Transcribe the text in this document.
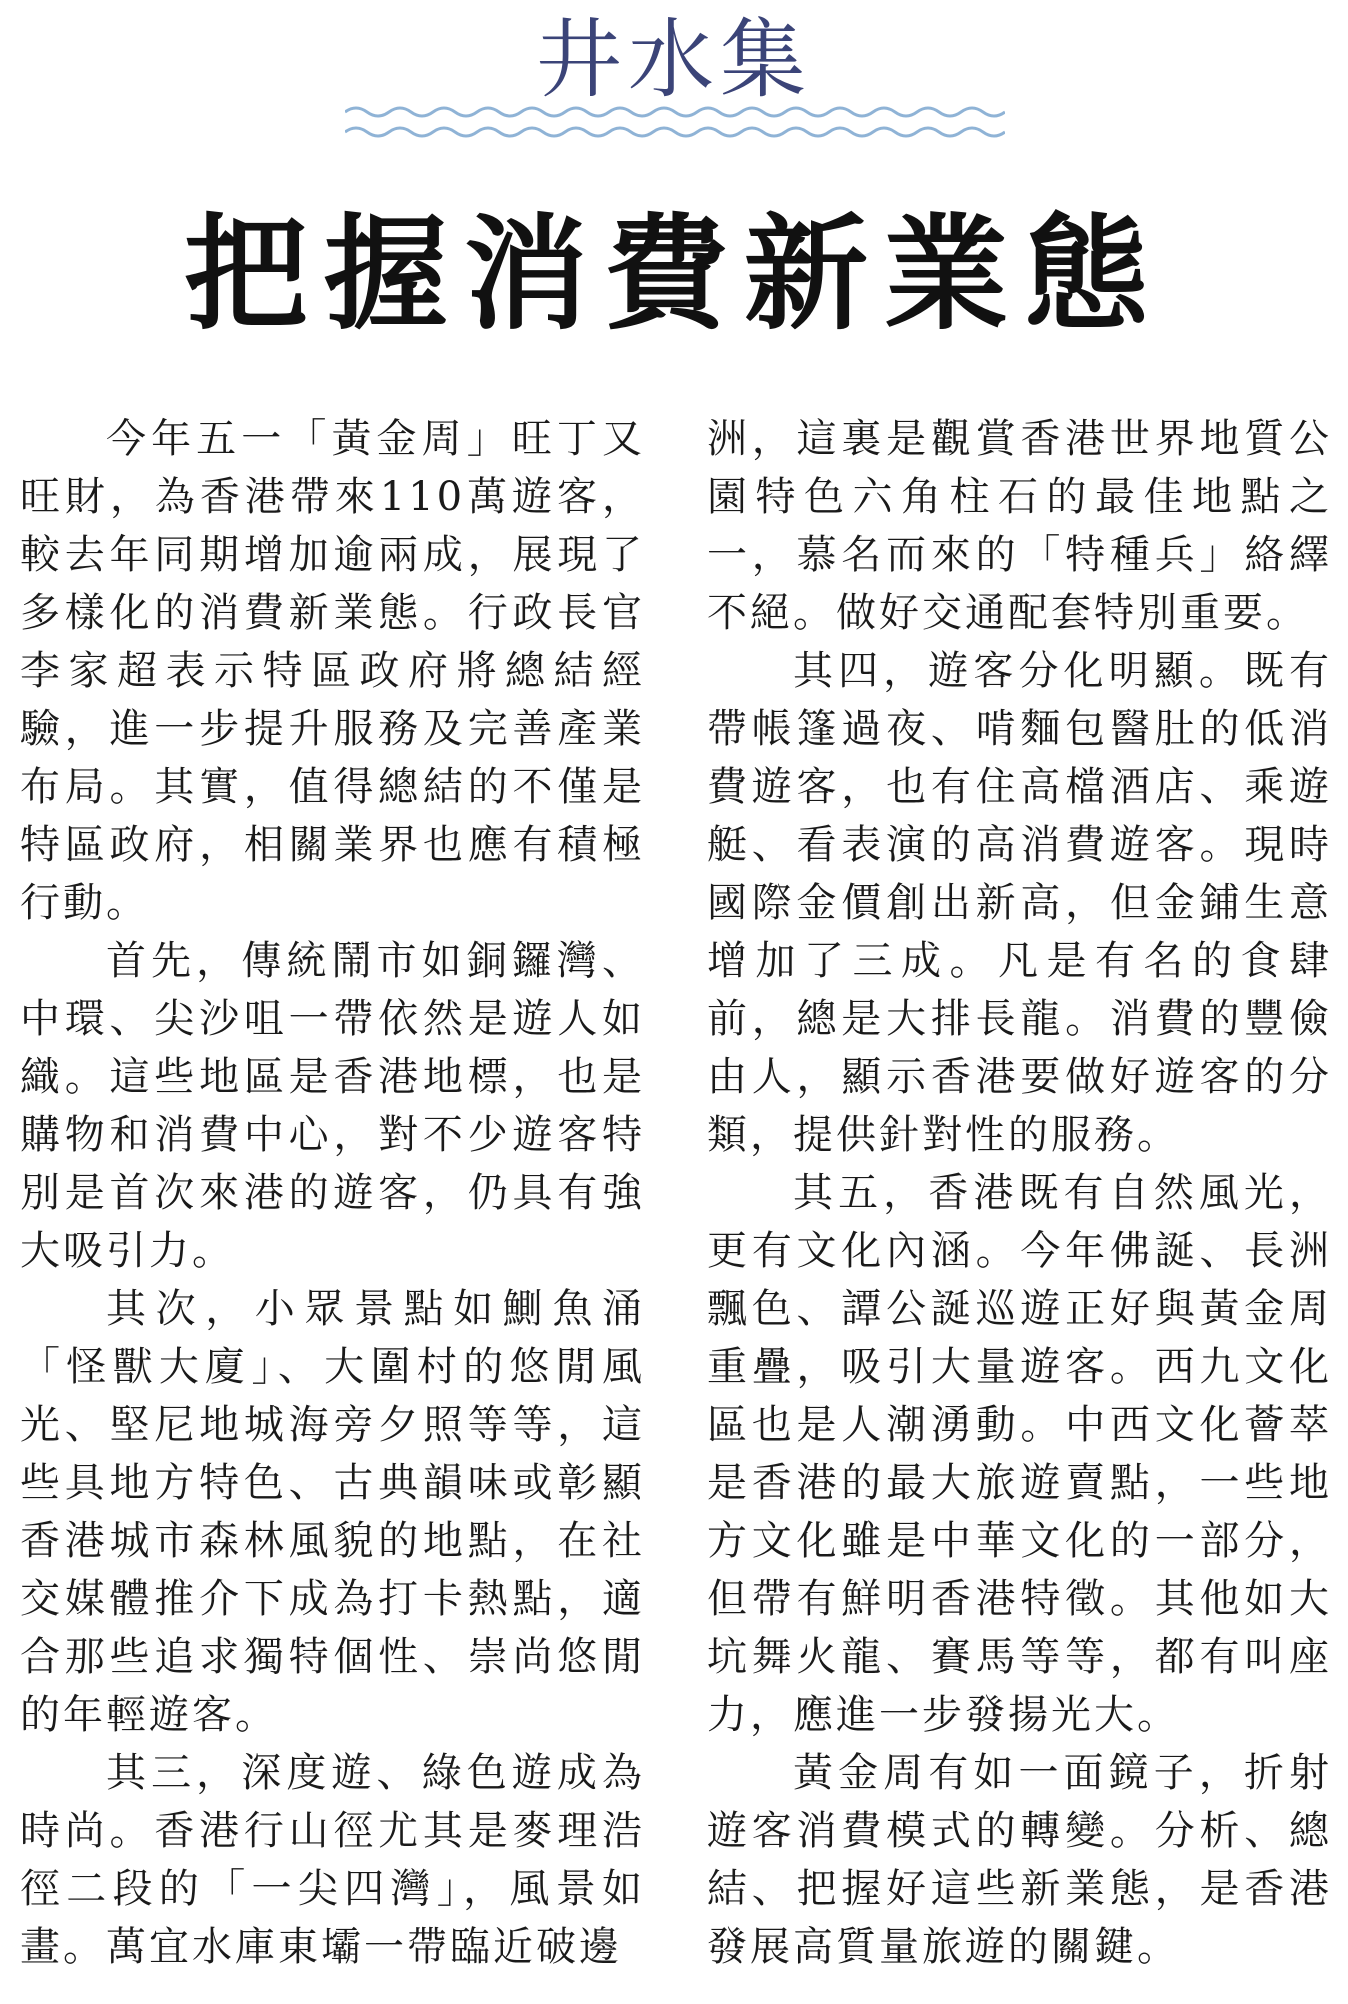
井水集
把握消費新業態

今年五一「黃金周」旺丁又旺財，為香港帶來110萬遊客，較去年同期增加逾兩成，展現了多樣化的消費新業態。行政長官李家超表示特區政府將總結經驗，進一步提升服務及完善產業布局。其實，值得總結的不僅是特區政府，相關業界也應有積極行動。

首先，傳統鬧市如銅鑼灣、中環、尖沙咀一帶依然是遊人如織。這些地區是香港地標，也是購物和消費中心，對不少遊客特別是首次來港的遊客，仍具有強大吸引力。

其次，小眾景點如鰂魚涌「怪獸大廈」、大圍村的悠閒風光、堅尼地城海旁夕照等等，這些具地方特色、古典韻味或彰顯香港城市森林風貌的地點，在社交媒體推介下成為打卡熱點，適合那些追求獨特個性、崇尚悠閒的年輕遊客。

其三，深度遊、綠色遊成為時尚。香港行山徑尤其是麥理浩徑二段的「一尖四灣」，風景如畫。萬宜水庫東壩一帶臨近破邊

洲，這裏是觀賞香港世界地質公園特色六角柱石的最佳地點之一，慕名而來的「特種兵」絡繹不絕。做好交通配套特別重要。

其四，遊客分化明顯。既有帶帳篷過夜、啃麵包醫肚的低消費遊客，也有住高檔酒店、乘遊艇、看表演的高消費遊客。現時國際金價創出新高，但金鋪生意增加了三成。凡是有名的食肆前，總是大排長龍。消費的豐儉由人，顯示香港要做好遊客的分類，提供針對性的服務。

其五，香港既有自然風光，更有文化內涵。今年佛誕、長洲飄色、譚公誕巡遊正好與黃金周重疊，吸引大量遊客。西九文化區也是人潮湧動。中西文化薈萃是香港的最大旅遊賣點，一些地方文化雖是中華文化的一部分，但帶有鮮明香港特徵。其他如大坑舞火龍、賽馬等等，都有叫座力，應進一步發揚光大。

黃金周有如一面鏡子，折射遊客消費模式的轉變。分析、總結、把握好這些新業態，是香港發展高質量旅遊的關鍵。
